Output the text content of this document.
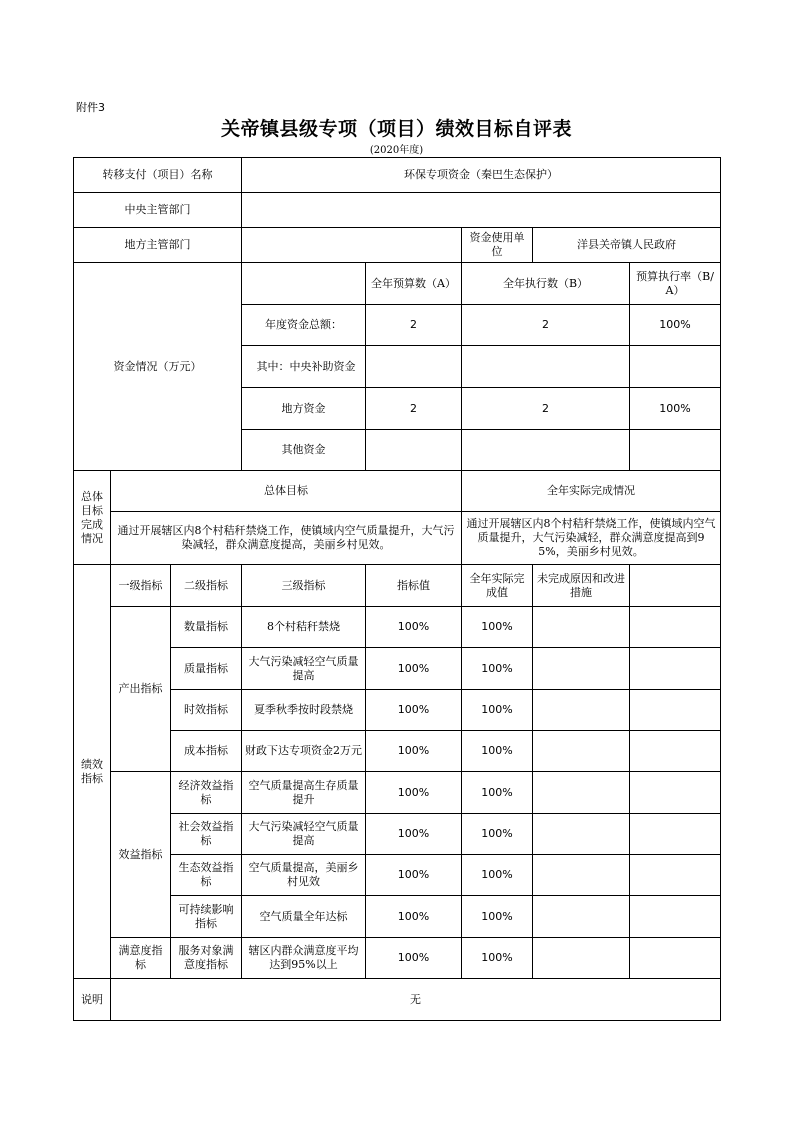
附件3
关帝镇县级专项（项目）绩效目标自评表
(2020年度)
转移支付（项目）名称			环保专项资金（秦巴生态保护）				
中央主管部门							
地方主管部门					资金使用单位	洋县关帝镇人民政府	
资金情况（万元）				全年预算数（A）	全年执行数（B）		预算执行率（B/A）
			年度资金总额：	2	2		100%
			其中：中央补助资金				
			地方资金	2	2		100%
			其他资金				
总体目标完成情况	总体目标				全年实际完成情况		
	通过开展辖区内8个村秸秆禁烧工作，使镇域内空气质量提升，大气污染减轻，群众满意度提高，美丽乡村见效。				通过开展辖区内8个村秸秆禁烧工作，使镇域内空气质量提升，大气污染减轻，群众满意度提高到95%，美丽乡村见效。		
绩效指标	一级指标	二级指标	三级指标	指标值	全年实际完成值	未完成原因和改进措施	
	产出指标	数量指标	8个村秸秆禁烧	100%	100%		
		质量指标	大气污染减轻空气质量提高	100%	100%		
		时效指标	夏季秋季按时段禁烧	100%	100%		
		成本指标	财政下达专项资金2万元	100%	100%		
	效益指标	经济效益指标	空气质量提高生存质量提升	100%	100%		
		社会效益指标	大气污染减轻空气质量提高	100%	100%		
		生态效益指标	空气质量提高，美丽乡村见效	100%	100%		
		可持续影响指标	空气质量全年达标	100%	100%		
	满意度指标	服务对象满意度指标	辖区内群众满意度平均达到95%以上	100%	100%		
说明	无						
